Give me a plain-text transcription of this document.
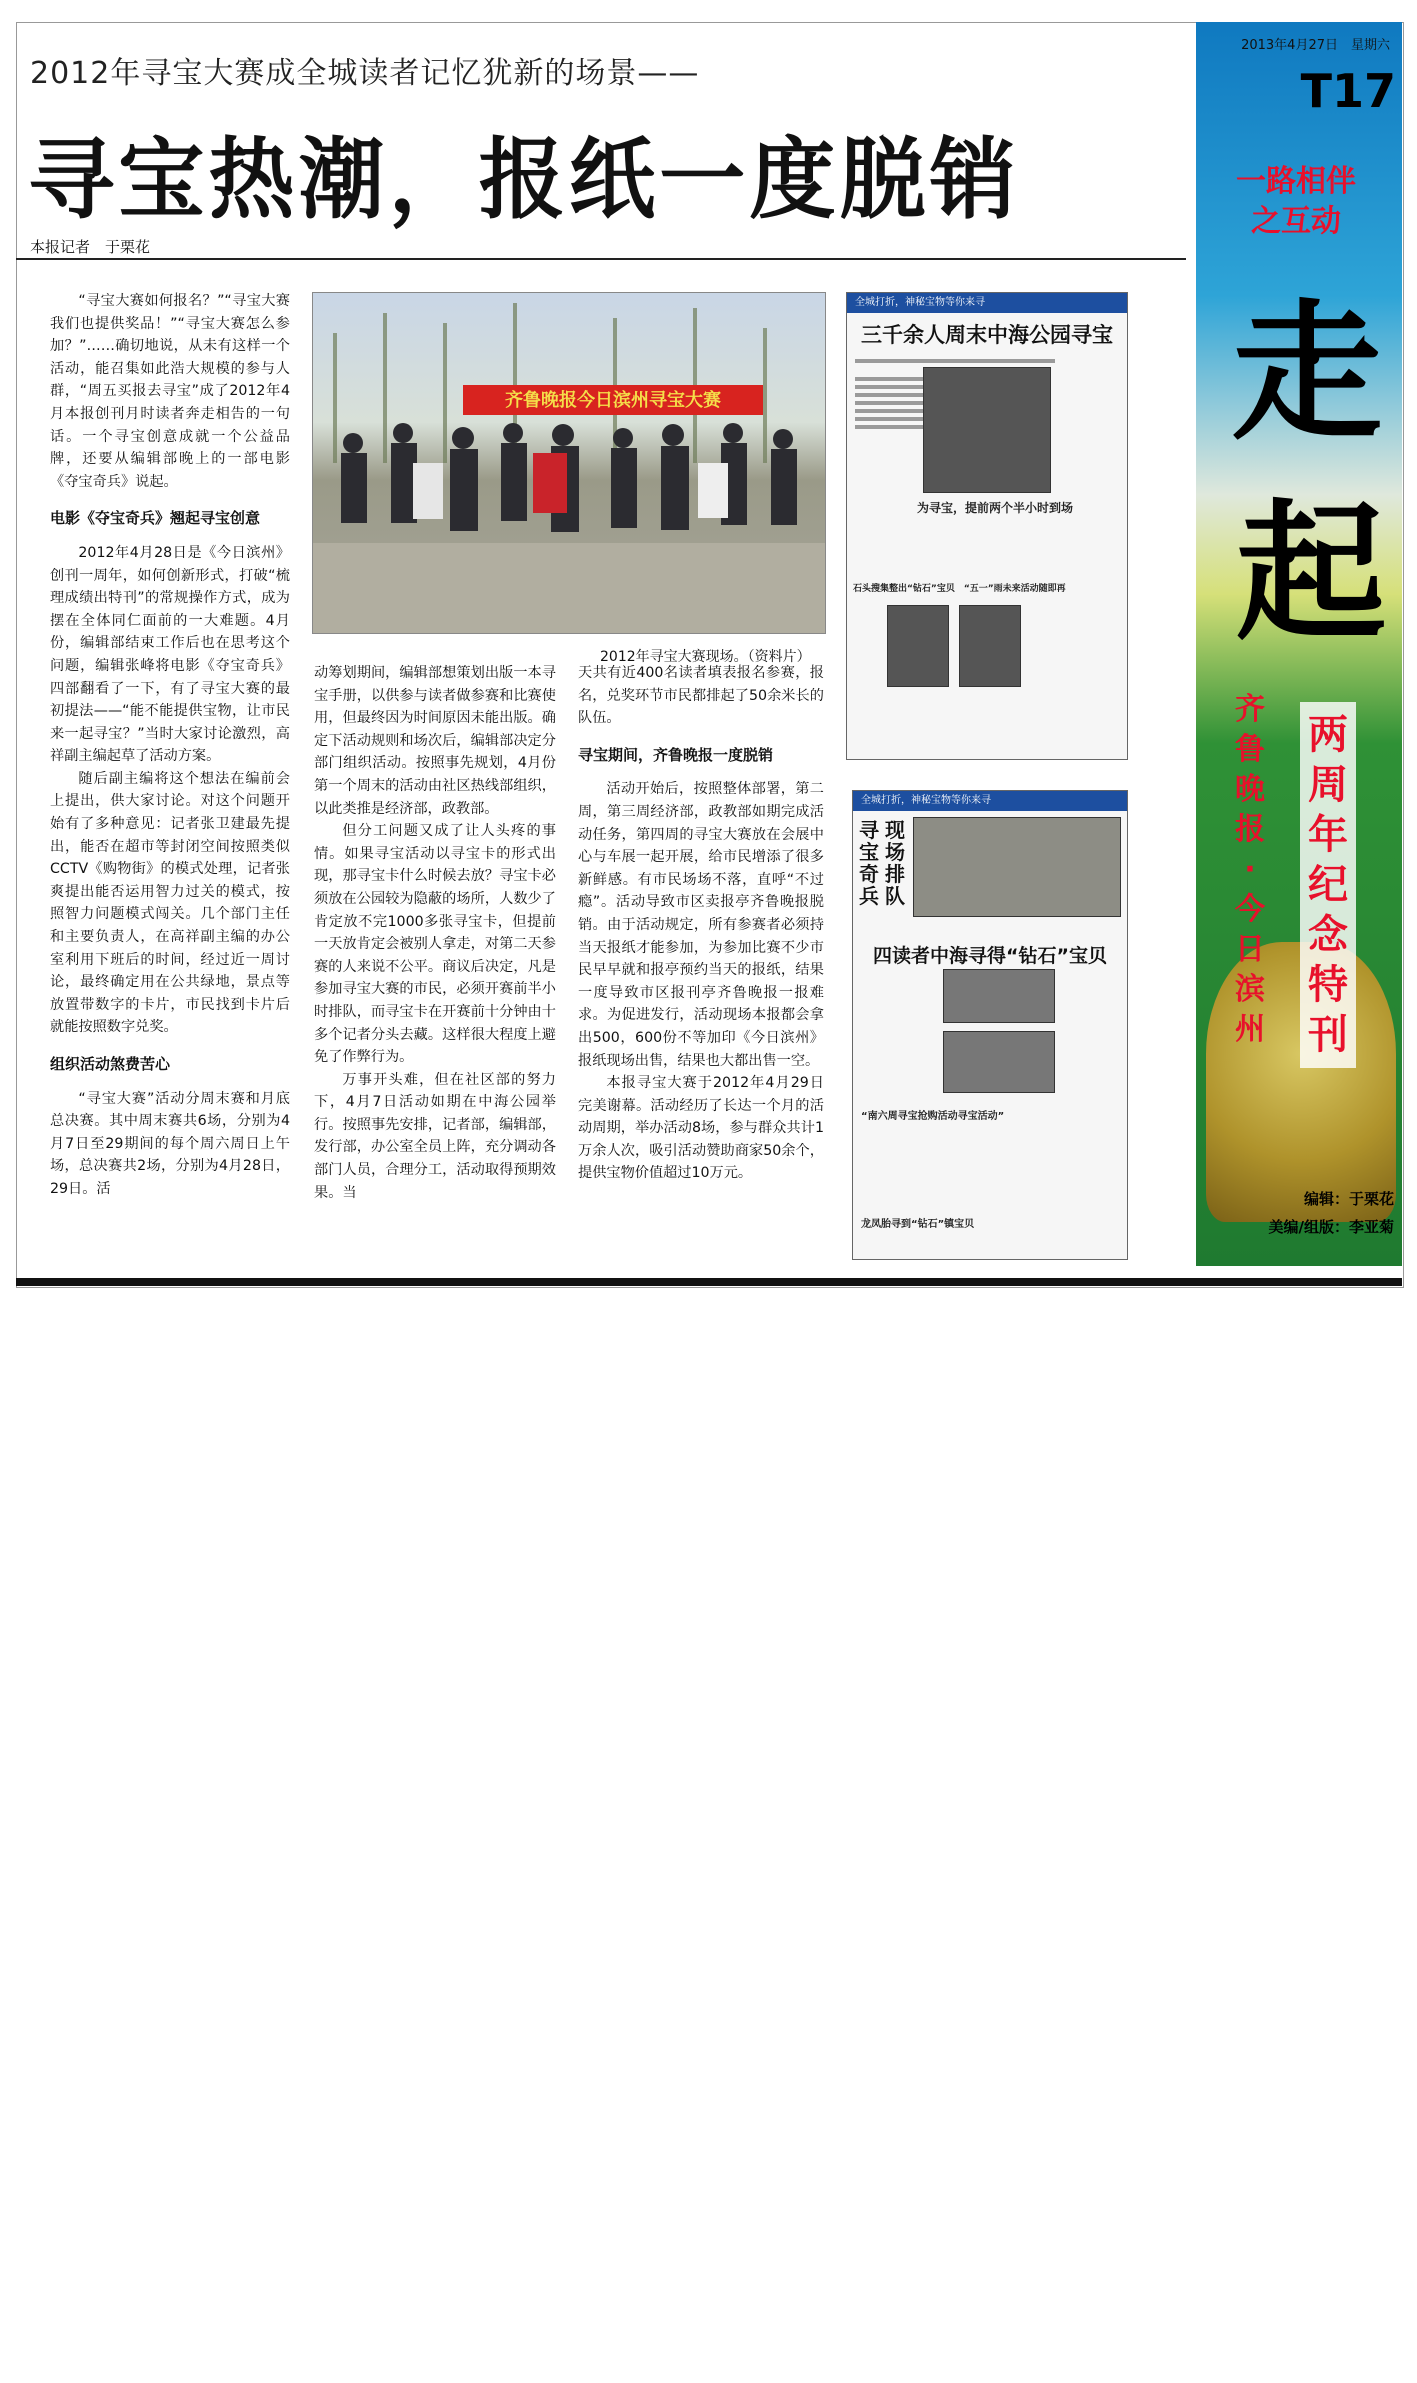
2012年寻宝大赛成全城读者记忆犹新的场景——
寻宝热潮，报纸一度脱销
本报记者　于栗花

“寻宝大赛如何报名？”“寻宝大赛我们也提供奖品！”“寻宝大赛怎么参加？”……确切地说，从未有这样一个活动，能召集如此浩大规模的参与人群，“周五买报去寻宝”成了2012年4月本报创刊月时读者奔走相告的一句话。一个寻宝创意成就一个公益品牌，还要从编辑部晚上的一部电影《夺宝奇兵》说起。

电影《夺宝奇兵》翘起寻宝创意

2012年4月28日是《今日滨州》创刊一周年，如何创新形式，打破“梳理成绩出特刊”的常规操作方式，成为摆在全体同仁面前的一大难题。4月份，编辑部结束工作后也在思考这个问题，编辑张峰将电影《夺宝奇兵》四部翻看了一下，有了寻宝大赛的最初提法——“能不能提供宝物，让市民来一起寻宝？”当时大家讨论激烈，高祥副主编起草了活动方案。

随后副主编将这个想法在编前会上提出，供大家讨论。对这个问题开始有了多种意见：记者张卫建最先提出，能否在超市等封闭空间按照类似CCTV《购物街》的模式处理，记者张爽提出能否运用智力过关的模式，按照智力问题模式闯关。几个部门主任和主要负责人，在高祥副主编的办公室利用下班后的时间，经过近一周讨论，最终确定用在公共绿地，景点等放置带数字的卡片，市民找到卡片后就能按照数字兑奖。

组织活动煞费苦心

“寻宝大赛”活动分周末赛和月底总决赛。其中周末赛共6场，分别为4月7日至29期间的每个周六周日上午场，总决赛共2场，分别为4月28日，29日。活

齐鲁晚报今日滨州寻宝大赛
2012年寻宝大赛现场。（资料片）

动筹划期间，编辑部想策划出版一本寻宝手册，以供参与读者做参赛和比赛使用，但最终因为时间原因未能出版。确定下活动规则和场次后，编辑部决定分部门组织活动。按照事先规划，4月份第一个周末的活动由社区热线部组织，以此类推是经济部，政教部。

但分工问题又成了让人头疼的事情。如果寻宝活动以寻宝卡的形式出现，那寻宝卡什么时候去放？寻宝卡必须放在公园较为隐蔽的场所，人数少了肯定放不完1000多张寻宝卡，但提前一天放肯定会被别人拿走，对第二天参赛的人来说不公平。商议后决定，凡是参加寻宝大赛的市民，必须开赛前半小时排队，而寻宝卡在开赛前十分钟由十多个记者分头去藏。这样很大程度上避免了作弊行为。

万事开头难，但在社区部的努力下，4月7日活动如期在中海公园举行。按照事先安排，记者部，编辑部，发行部，办公室全员上阵，充分调动各部门人员，合理分工，活动取得预期效果。当

天共有近400名读者填表报名参赛，报名，兑奖环节市民都排起了50余米长的队伍。

寻宝期间，齐鲁晚报一度脱销

活动开始后，按照整体部署，第二周，第三周经济部，政教部如期完成活动任务，第四周的寻宝大赛放在会展中心与车展一起开展，给市民增添了很多新鲜感。有市民场场不落，直呼“不过瘾”。活动导致市区卖报亭齐鲁晚报脱销。由于活动规定，所有参赛者必须持当天报纸才能参加，为参加比赛不少市民早早就和报亭预约当天的报纸，结果一度导致市区报刊亭齐鲁晚报一报难求。为促进发行，活动现场本报都会拿出500，600份不等加印《今日滨州》报纸现场出售，结果也大都出售一空。

本报寻宝大赛于2012年4月29日完美谢幕。活动经历了长达一个月的活动周期，举办活动8场，参与群众共计1万余人次，吸引活动赞助商家50余个，提供宝物价值超过10万元。

全城打折，神秘宝物等你来寻
三千余人周末中海公园寻宝
为寻宝，提前两个半小时到场
石头搜集整出“钻石”宝贝　“五一”雨未来活动随即再
全城打折，神秘宝物等你来寻
寻宝奇兵
现场排队
四读者中海寻得“钻石”宝贝
“南六周寻宝抢购活动寻宝活动”
龙凤胎寻到“钻石”镇宝贝
2013年4月27日　星期六
T17
一路相伴
之互动
走
起
齐鲁晚报·今日滨州
两周年纪念特刊
编辑：于栗花
美编/组版：李亚菊
